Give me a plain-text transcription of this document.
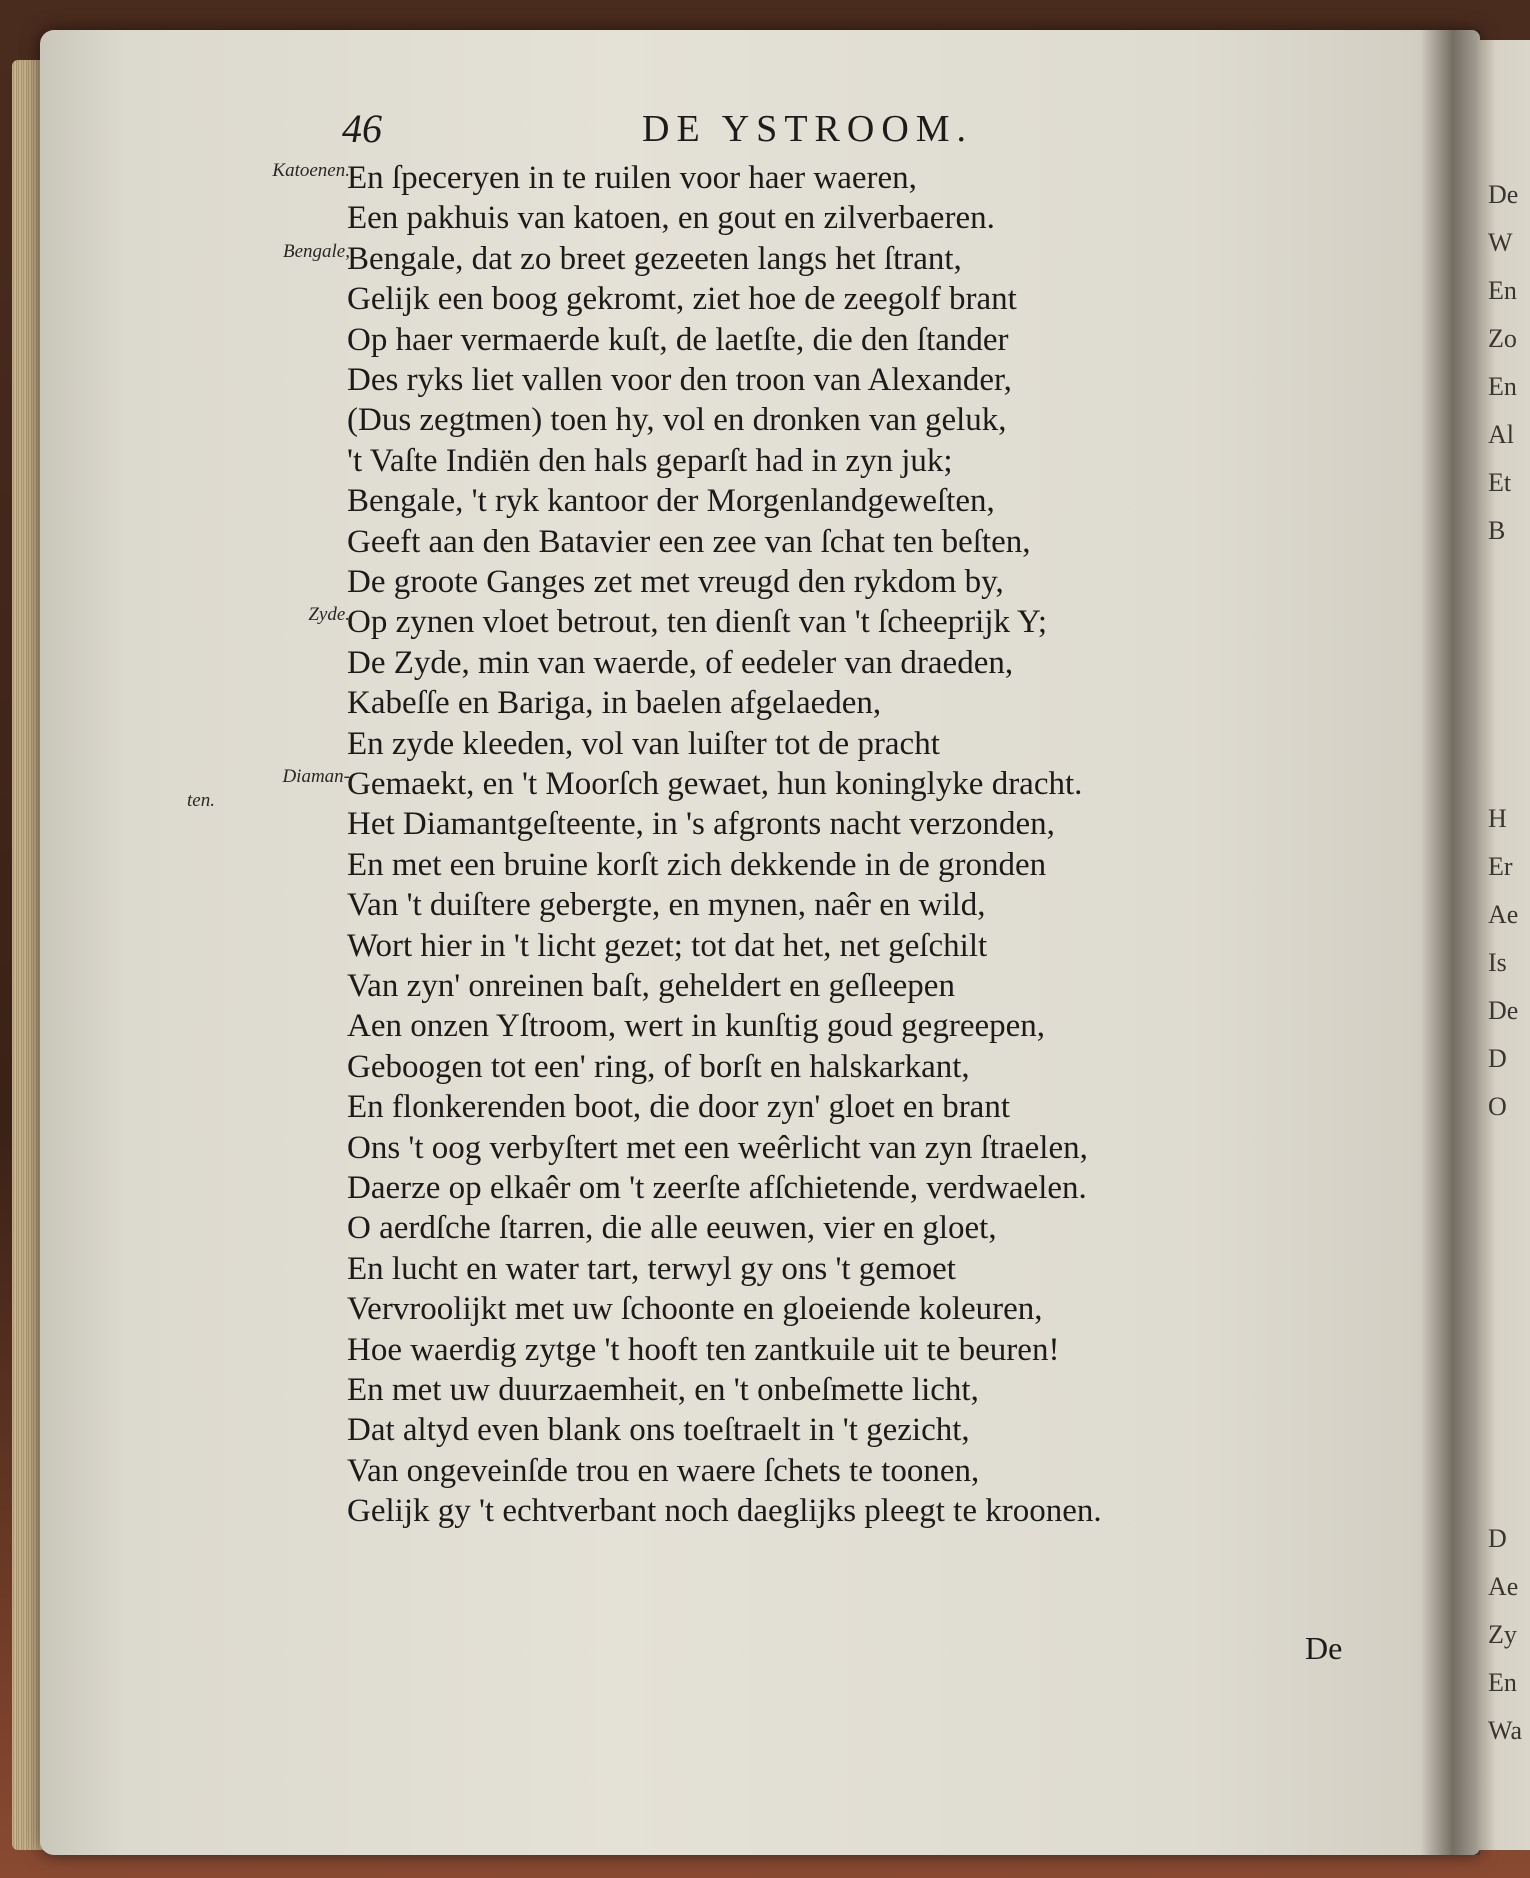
46	DE YSTROOM.
Katoenen.
Bengale,
Zyde.
Diaman-
ten.
En ſpeceryen in te ruilen voor haer waeren,
Een pakhuis van katoen, en gout en zilverbaeren.
Bengale, dat zo breet gezeeten langs het ſtrant,
Gelijk een boog gekromt, ziet hoe de zeegolf brant
Op haer vermaerde kuſt, de laetſte, die den ſtander
Des ryks liet vallen voor den troon van Alexander,
(Dus zegtmen) toen hy, vol en dronken van geluk,
't Vaſte Indiën den hals geparſt had in zyn juk;
Bengale, 't ryk kantoor der Morgenlandgeweſten,
Geeft aan den Batavier een zee van ſchat ten beſten,
De groote Ganges zet met vreugd den rykdom by,
Op zynen vloet betrout, ten dienſt van 't ſcheeprijk Y;
De Zyde, min van waerde, of eedeler van draeden,
Kabeſſe en Bariga, in baelen afgelaeden,
En zyde kleeden, vol van luiſter tot de pracht
Gemaekt, en 't Moorſch gewaet, hun koninglyke dracht.
Het Diamantgeſteente, in 's afgronts nacht verzonden,
En met een bruine korſt zich dekkende in de gronden
Van 't duiſtere gebergte, en mynen, naêr en wild,
Wort hier in 't licht gezet; tot dat het, net geſchilt
Van zyn' onreinen baſt, geheldert en geſleepen
Aen onzen Yſtroom, wert in kunſtig goud gegreepen,
Geboogen tot een' ring, of borſt en halskarkant,
En flonkerenden boot, die door zyn' gloet en brant
Ons 't oog verbyſtert met een weêrlicht van zyn ſtraelen,
Daerze op elkaêr om 't zeerſte afſchietende, verdwaelen.
O aerdſche ſtarren, die alle eeuwen, vier en gloet,
En lucht en water tart, terwyl gy ons 't gemoet
Vervroolijkt met uw ſchoonte en gloeiende koleuren,
Hoe waerdig zytge 't hooft ten zantkuile uit te beuren!
En met uw duurzaemheit, en 't onbeſmette licht,
Dat altyd even blank ons toeſtraelt in 't gezicht,
Van ongeveinſde trou en waere ſchets te toonen,
Gelijk gy 't echtverbant noch daeglijks pleegt te kroonen.
De
De
W
En
Zo
En
Al
Et
B
H
Er
Ae
Is
De
D
O
D
Ae
Zy
En
Wa
